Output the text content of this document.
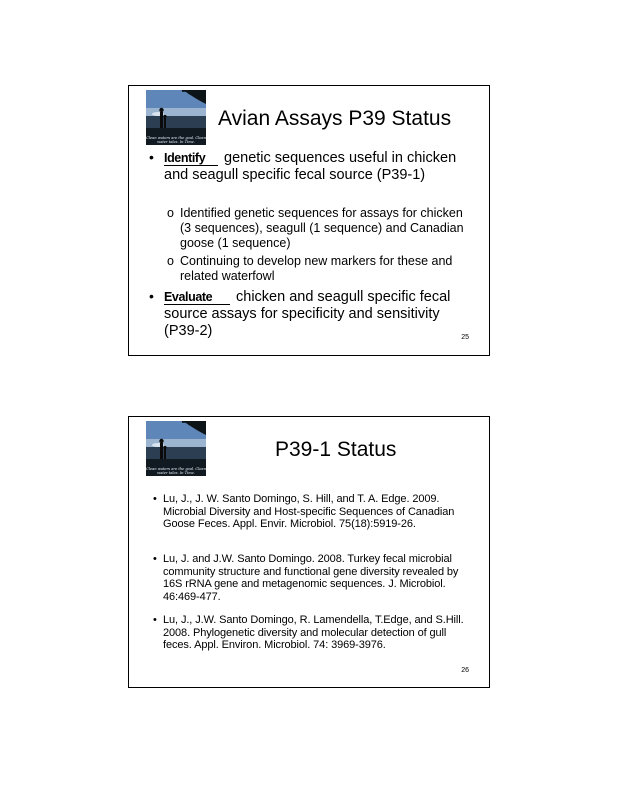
Clean waters are the goal. Clean water tales. In Time.
Avian Assays P39 Status
• Identify genetic sequences useful in chicken and seagull specific fecal source (P39-1)
o Identified genetic sequences for assays for chicken (3 sequences), seagull (1 sequence) and Canadian goose (1 sequence)
o Continuing to develop new markers for these and related waterfowl
• Evaluate chicken and seagull specific fecal source assays for specificity and sensitivity (P39-2)	25
Clean waters are the goal. Clean water tales. In Time.
P39-1 Status
• Lu, J., J. W. Santo Domingo, S. Hill, and T. A. Edge. 2009. Microbial Diversity and Host-specific Sequences of Canadian Goose Feces. Appl. Envir. Microbiol. 75(18):5919-26.
• Lu, J. and J.W. Santo Domingo. 2008. Turkey fecal microbial community structure and functional gene diversity revealed by 16S rRNA gene and metagenomic sequences. J. Microbiol. 46:469-477.
• Lu, J., J.W. Santo Domingo, R. Lamendella, T.Edge, and S.Hill. 2008. Phylogenetic diversity and molecular detection of gull feces. Appl. Environ. Microbiol. 74: 3969-3976.
26
